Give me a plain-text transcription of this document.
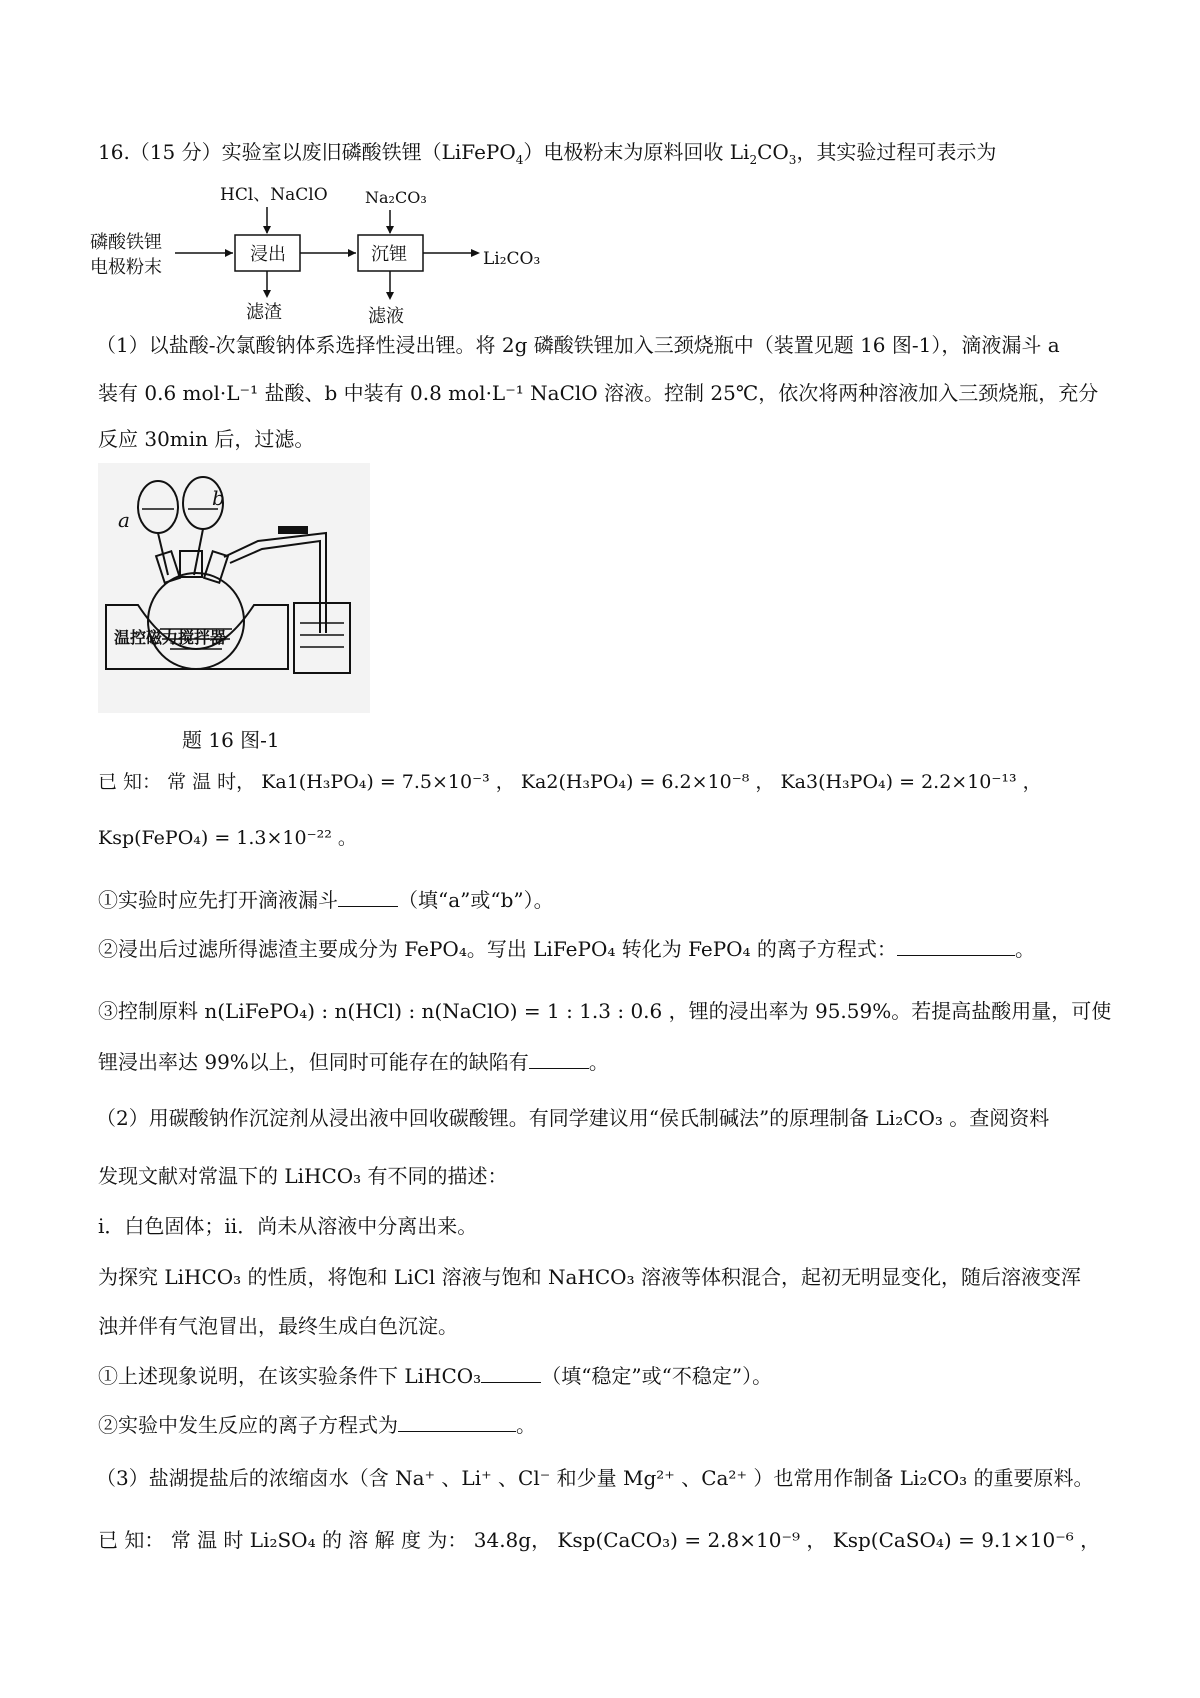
16.（15 分）实验室以废旧磷酸铁锂（LiFePO$_4$）电极粉末为原料回收 $Li_2CO_3$，其实验过程可表示为
HCl、NaClO Na₂CO₃
磷酸铁锂
电极粉末
浸出	沉锂	Li₂CO₃
滤渣	滤液
（1）以盐酸-次氯酸钠体系选择性浸出锂。将 2g 磷酸铁锂加入三颈烧瓶中（装置见题 16 图-1），滴液漏斗 a
装有 0.6 mol·L⁻¹ 盐酸、b 中装有 0.8 mol·L⁻¹ NaClO 溶液。控制 25℃，依次将两种溶液加入三颈烧瓶，充分
反应 30min 后，过滤。
a
b
温控磁力搅拌器
题 16 图-1
已 知： 常 温 时， Ka1(H₃PO₄) = 7.5×10⁻³ ， Ka2(H₃PO₄) = 6.2×10⁻⁸ ， Ka3(H₃PO₄) = 2.2×10⁻¹³ ，
Ksp(FePO₄) = 1.3×10⁻²² 。
①实验时应先打开滴液漏斗	（填“a”或“b”）。
②浸出后过滤所得滤渣主要成分为 FePO₄。写出 LiFePO₄ 转化为 FePO₄ 的离子方程式：	。
③控制原料 n(LiFePO₄) : n(HCl) : n(NaClO) = 1 : 1.3 : 0.6 ，锂的浸出率为 95.59%。若提高盐酸用量，可使
锂浸出率达 99%以上，但同时可能存在的缺陷有	。
（2）用碳酸钠作沉淀剂从浸出液中回收碳酸锂。有同学建议用“侯氏制碱法”的原理制备 Li₂CO₃ 。查阅资料
发现文献对常温下的 LiHCO₃ 有不同的描述：
ⅰ．白色固体；ⅱ．尚未从溶液中分离出来。
为探究 LiHCO₃ 的性质，将饱和 LiCl 溶液与饱和 NaHCO₃ 溶液等体积混合，起初无明显变化，随后溶液变浑
浊并伴有气泡冒出，最终生成白色沉淀。
①上述现象说明，在该实验条件下 LiHCO₃	（填“稳定”或“不稳定”）。
②实验中发生反应的离子方程式为	。
（3）盐湖提盐后的浓缩卤水（含 Na⁺ 、Li⁺ 、Cl⁻ 和少量 Mg²⁺ 、Ca²⁺ ）也常用作制备 Li₂CO₃ 的重要原料。
已 知： 常 温 时 Li₂SO₄ 的 溶 解 度 为： 34.8g， Ksp(CaCO₃) = 2.8×10⁻⁹ ， Ksp(CaSO₄) = 9.1×10⁻⁶ ，
